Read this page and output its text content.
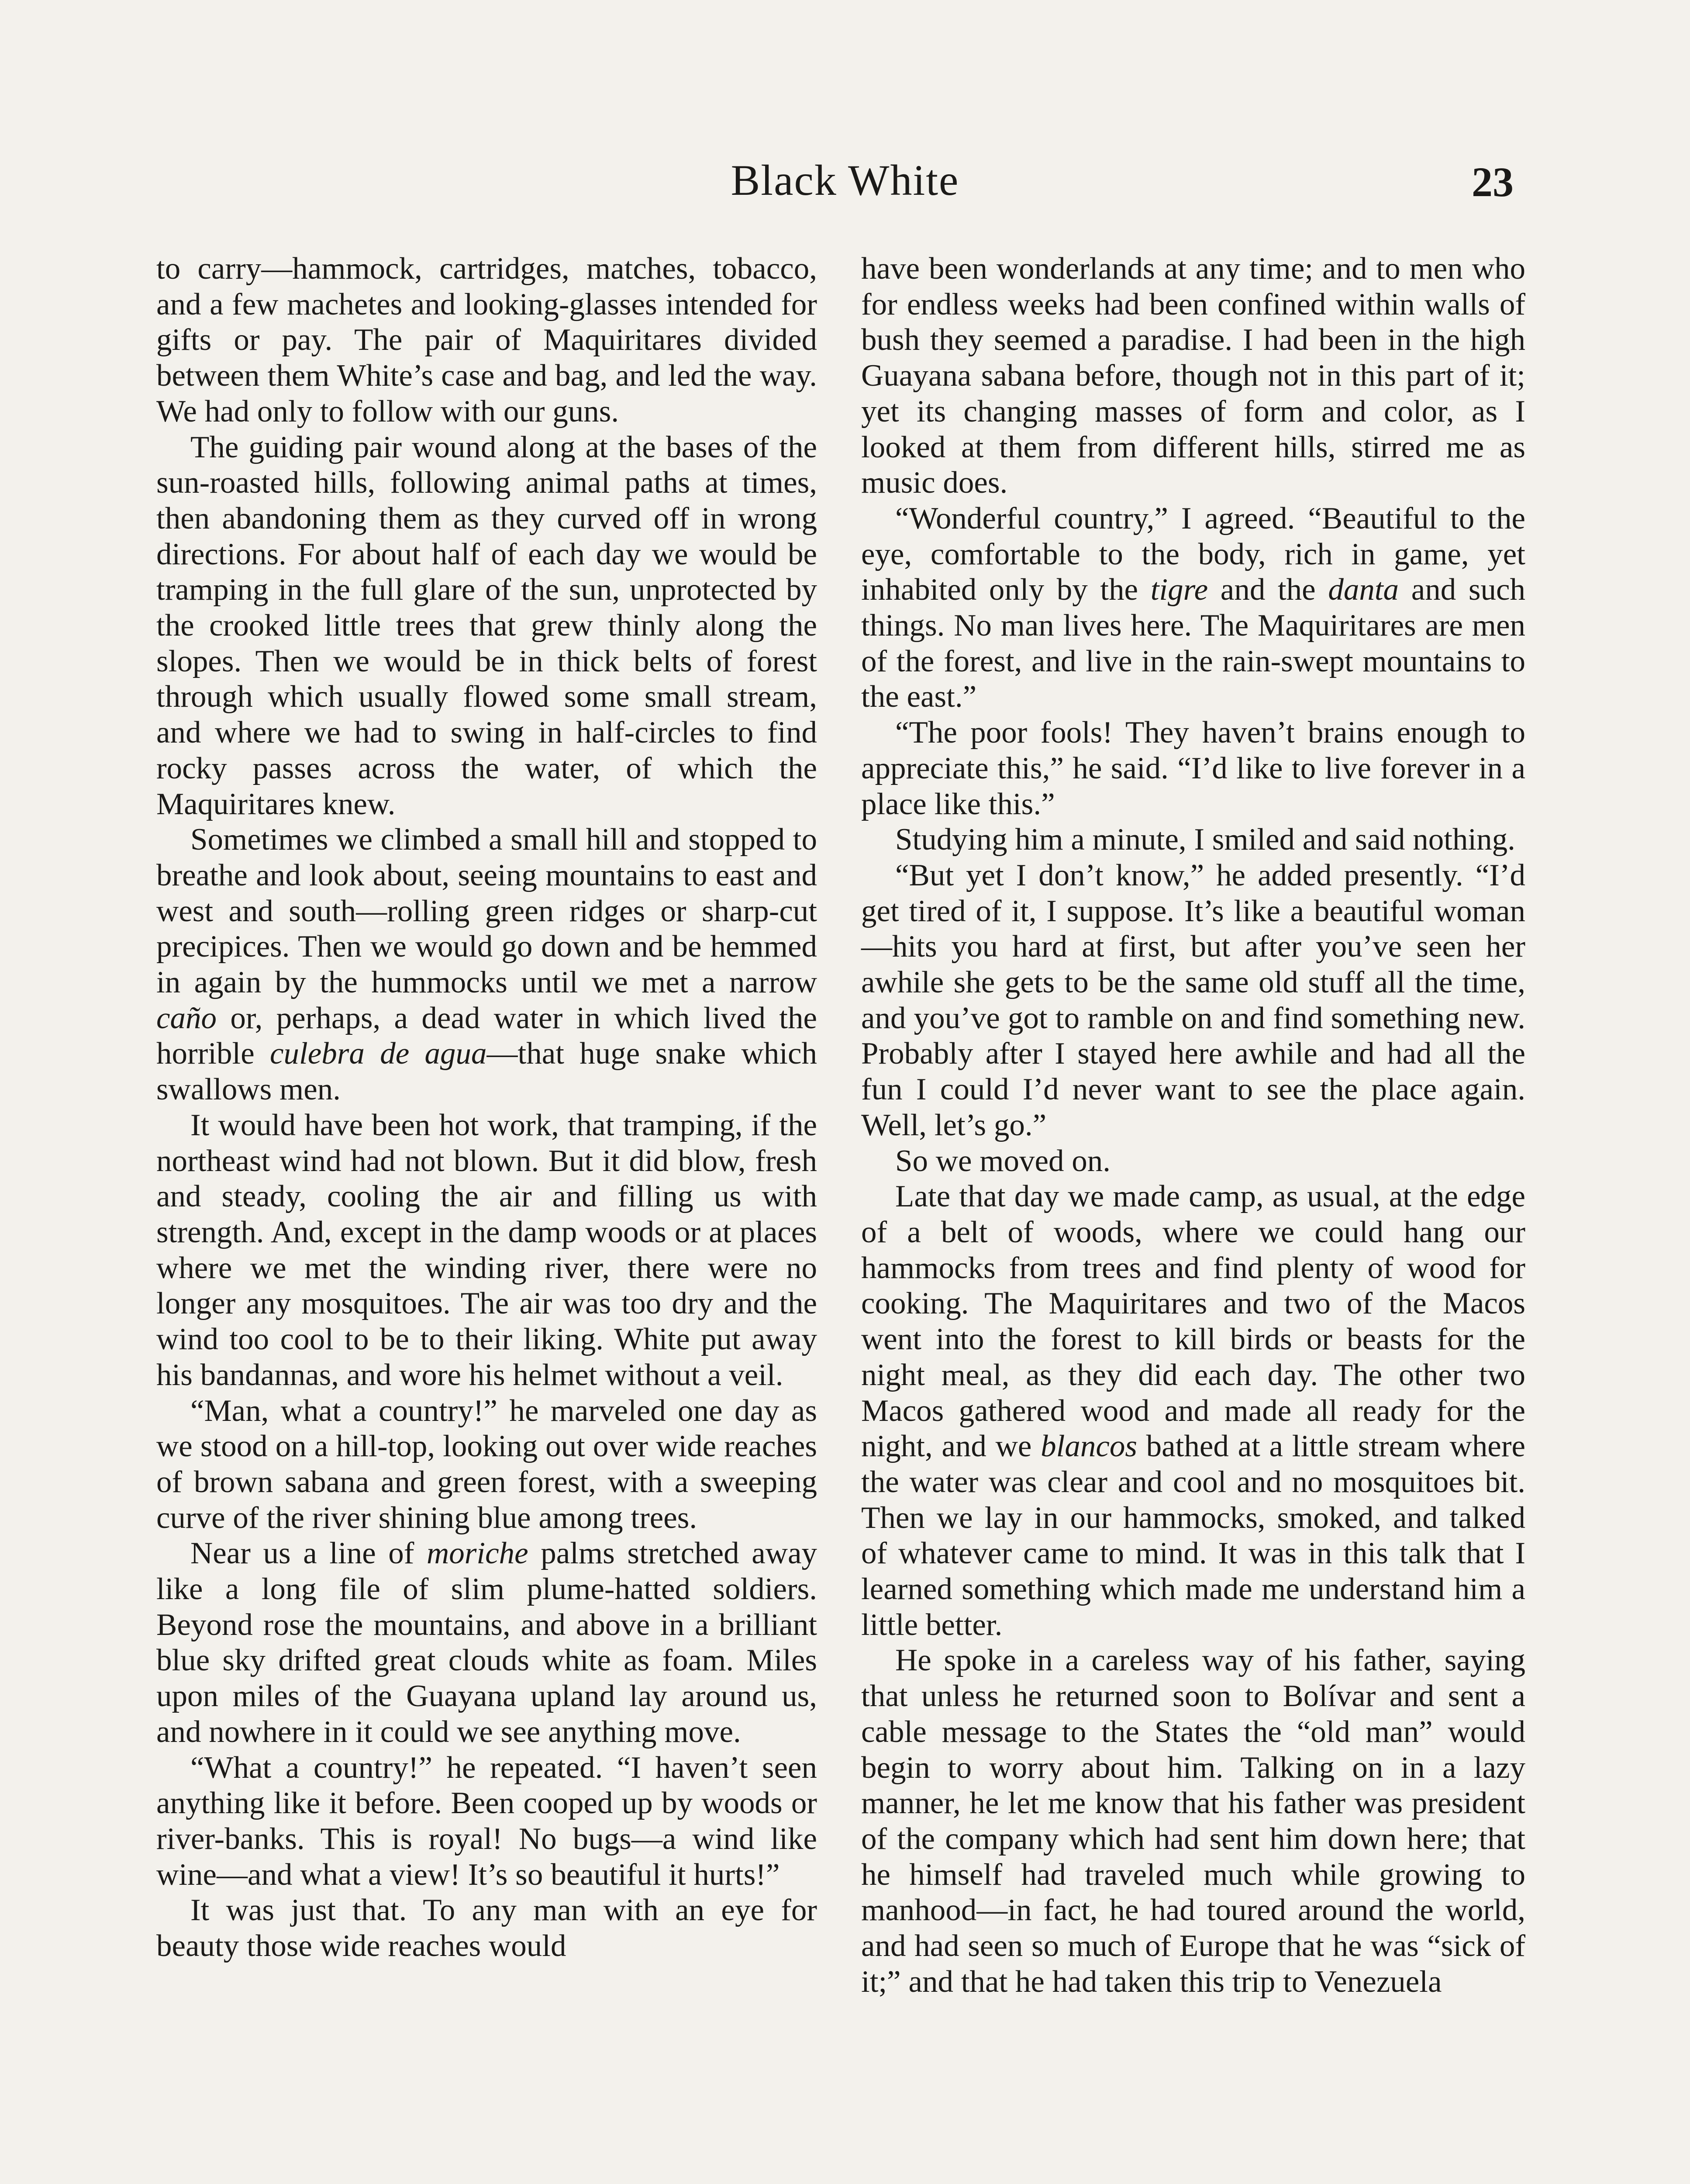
Black White	23

to carry—hammock, cartridges, matches, tobacco, and a few machetes and looking-glasses intended for gifts or pay. The pair of Maquiritares divided between them White’s case and bag, and led the way. We had only to follow with our guns.

The guiding pair wound along at the bases of the sun-roasted hills, following animal paths at times, then abandoning them as they curved off in wrong directions. For about half of each day we would be tramping in the full glare of the sun, unprotected by the crooked little trees that grew thinly along the slopes. Then we would be in thick belts of forest through which usually flowed some small stream, and where we had to swing in half-circles to find rocky passes across the water, of which the Maquiritares knew.

Sometimes we climbed a small hill and stopped to breathe and look about, seeing mountains to east and west and south—rolling green ridges or sharp-cut precipices. Then we would go down and be hemmed in again by the hummocks until we met a narrow caño or, perhaps, a dead water in which lived the horrible culebra de agua—that huge snake which swallows men.

It would have been hot work, that tramping, if the northeast wind had not blown. But it did blow, fresh and steady, cooling the air and filling us with strength. And, except in the damp woods or at places where we met the winding river, there were no longer any mosquitoes. The air was too dry and the wind too cool to be to their liking. White put away his bandannas, and wore his helmet without a veil.

“Man, what a country!” he marveled one day as we stood on a hill-top, looking out over wide reaches of brown sabana and green forest, with a sweeping curve of the river shining blue among trees.

Near us a line of moriche palms stretched away like a long file of slim plume-hatted soldiers. Beyond rose the mountains, and above in a brilliant blue sky drifted great clouds white as foam. Miles upon miles of the Guayana upland lay around us, and nowhere in it could we see anything move.

“What a country!” he repeated. “I haven’t seen anything like it before. Been cooped up by woods or river-banks. This is royal! No bugs—a wind like wine—and what a view! It’s so beautiful it hurts!”

It was just that. To any man with an eye for beauty those wide reaches would

have been wonderlands at any time; and to men who for endless weeks had been confined within walls of bush they seemed a paradise. I had been in the high Guayana sabana before, though not in this part of it; yet its changing masses of form and color, as I looked at them from different hills, stirred me as music does.

“Wonderful country,” I agreed. “Beautiful to the eye, comfortable to the body, rich in game, yet inhabited only by the tigre and the danta and such things. No man lives here. The Maquiritares are men of the forest, and live in the rain-swept mountains to the east.”

“The poor fools! They haven’t brains enough to appreciate this,” he said. “I’d like to live forever in a place like this.”

Studying him a minute, I smiled and said nothing.

“But yet I don’t know,” he added presently. “I’d get tired of it, I suppose. It’s like a beautiful woman—hits you hard at first, but after you’ve seen her awhile she gets to be the same old stuff all the time, and you’ve got to ramble on and find something new. Probably after I stayed here awhile and had all the fun I could I’d never want to see the place again. Well, let’s go.”

So we moved on.

Late that day we made camp, as usual, at the edge of a belt of woods, where we could hang our hammocks from trees and find plenty of wood for cooking. The Maquiritares and two of the Macos went into the forest to kill birds or beasts for the night meal, as they did each day. The other two Macos gathered wood and made all ready for the night, and we blancos bathed at a little stream where the water was clear and cool and no mosquitoes bit. Then we lay in our hammocks, smoked, and talked of whatever came to mind. It was in this talk that I learned something which made me understand him a little better.

He spoke in a careless way of his father, saying that unless he returned soon to Bolívar and sent a cable message to the States the “old man” would begin to worry about him. Talking on in a lazy manner, he let me know that his father was president of the company which had sent him down here; that he himself had traveled much while growing to manhood—in fact, he had toured around the world, and had seen so much of Europe that he was “sick of it;” and that he had taken this trip to Venezuela
